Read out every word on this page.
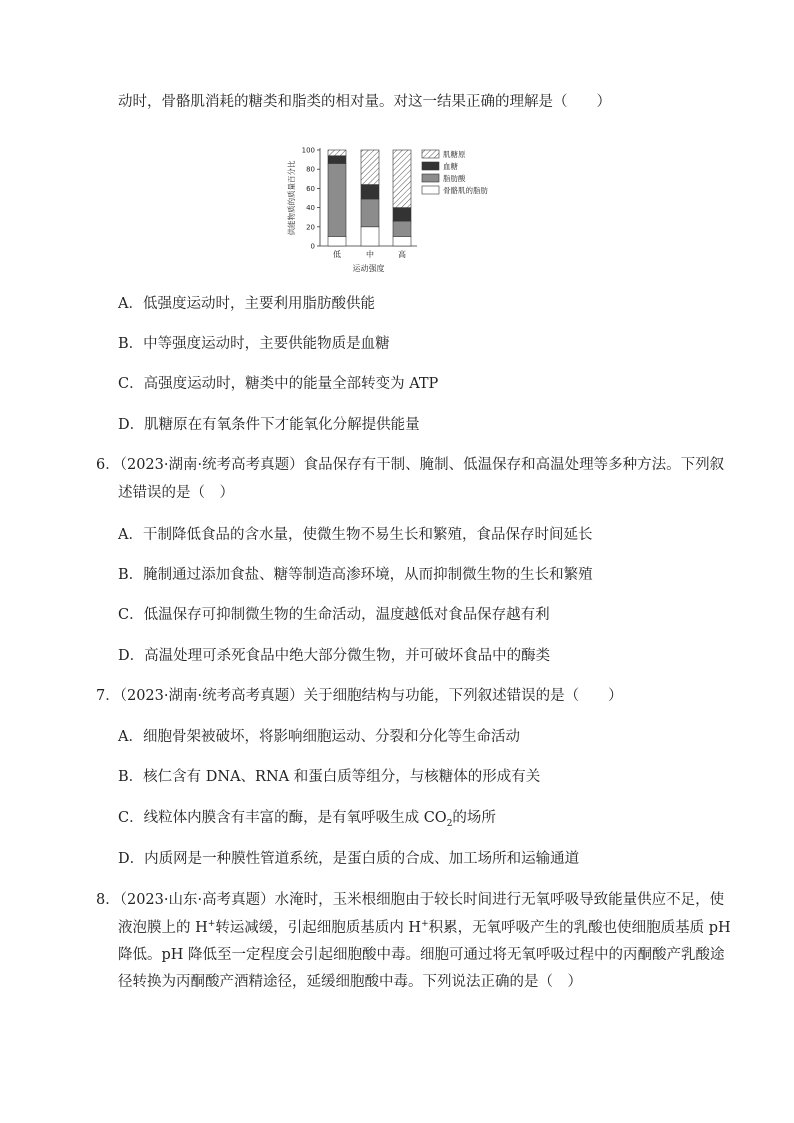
动时，骨骼肌消耗的糖类和脂类的相对量。对这一结果正确的理解是（　　）
0
20
40
60
80
100
供能物质的质量百分比
低	中	高
运动强度
肌糖原
血糖
脂肪酸
骨骼肌的脂肪
A．低强度运动时，主要利用脂肪酸供能
B．中等强度运动时，主要供能物质是血糖
C．高强度运动时，糖类中的能量全部转变为 ATP
D．肌糖原在有氧条件下才能氧化分解提供能量
6．（2023·湖南·统考高考真题）食品保存有干制、腌制、低温保存和高温处理等多种方法。下列叙
述错误的是（　）
A．干制降低食品的含水量，使微生物不易生长和繁殖，食品保存时间延长
B．腌制通过添加食盐、糖等制造高渗环境，从而抑制微生物的生长和繁殖
C．低温保存可抑制微生物的生命活动，温度越低对食品保存越有利
D．高温处理可杀死食品中绝大部分微生物，并可破坏食品中的酶类
7．（2023·湖南·统考高考真题）关于细胞结构与功能，下列叙述错误的是（　　）
A．细胞骨架被破坏，将影响细胞运动、分裂和分化等生命活动
B．核仁含有 DNA、RNA 和蛋白质等组分，与核糖体的形成有关
C．线粒体内膜含有丰富的酶，是有氧呼吸生成 $CO_2$的场所
D．内质网是一种膜性管道系统，是蛋白质的合成、加工场所和运输通道
8．（2023·山东·高考真题）水淹时，玉米根细胞由于较长时间进行无氧呼吸导致能量供应不足，使
液泡膜上的 H+转运减缓，引起细胞质基质内 H+积累，无氧呼吸产生的乳酸也使细胞质基质 pH
降低。pH 降低至一定程度会引起细胞酸中毒。细胞可通过将无氧呼吸过程中的丙酮酸产乳酸途
径转换为丙酮酸产酒精途径，延缓细胞酸中毒。下列说法正确的是（　）
